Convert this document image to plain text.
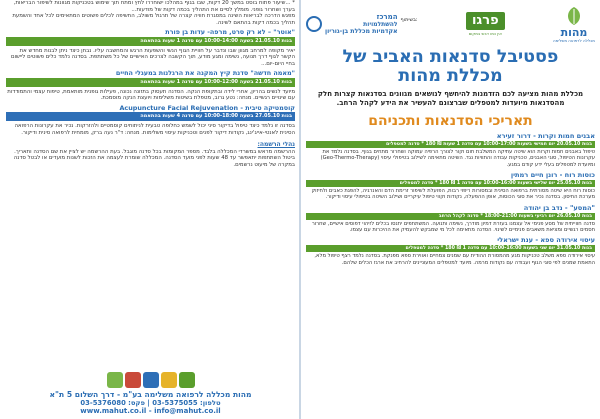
* ...שיעור פתוח בוסט במשך 20 דקות, שבו בגוף במהלכו ישוחררו לחץ ומתח תוך שימוש בטכניקות מגוונות לשיפור הבריאות, בערך ושחרור גופני. מומלץ לסיים את התהליך בכמה דקות של מודעות...
מפגש הדרכה לבריאות השינה במסגרת חוויה קצרה של תרגול משולב, החשיפה לכלים פשוטים המתאימים לכל אחד והשמעת תהליך בכמה דקות בהתאם לשינה.
"אוטר" – לא רק סרט, מרפה- עדות בן פורת
בנות 21.05.10 בשעה 10:00-14:00 עם סדנה 1 שעות בהתאמה
יאיר מקופה למרחב מגוון שבו ונדבר על חוויית הגוף הנשי והשפעות הרגש והמחשבה עליו. נבחן כיצד ניתן לבנות מחדש את הקשר לגוף דרך תנועה, נשימה ומגע מודע, תוך הקשבה לצרכים האישיים של כל משתתפת. בסדנה נלמד כלים פשוטים ליישום בחיי היום-יום...
"מאמה חדשה" סדנת קיץ המקנה את הרגלנות במעגלי החיים
בנות 21.05.10 בשעה 10:00-12:00 עם סדנה 1 שעות בהתאמה
מיועד לנשים בהריון, אחרי לידה ובתקופת הנקה. הסדנה תעסוק בתזונה נכונה, פעילות גופנית מותאמת, טיפוח עצמי והתמודדות עם שינויים רגשיים. מנחה: נטע גרוב, מטפלת בשיטות משלימות ויועצת הנקה מוסמכת.
קוסמטיקה טיבית - Acupuncture Facial Rejuvenation
בנות 27.05.10 בשעה 10:00-18:00 עם סדנה 4 שעות בהתאמה
בסדנה זו נלמד כיצד טיפול בדיקור סיני יכול לשמש כחלופה טבעית לניתוחים קוסמטיים ולהזרקות. נכיר את עקרונות הרפואה הסינית לאנטי-אייג'ינג, נקודות דיקור לפנים וטכניקות עיסוי משלימות. מנחה: ד"ר נעה ברק, מומחית לרפואה סינית ודיקור.
נהלי הרשמה:
ההרשמה מראש במשרדי המכללה בלבד. מספר המקומות בכל סדנה מוגבל. בעת ההרשמה יש לציין את שם הסדנה ותאריך. ביטול השתתפות יתאפשר עד 48 שעות לפני מועד הסדנה. המכללה שומרת לעצמה את הזכות לשנות מועדים או לבטל סדנה במקרה של מיעוט נרשמים.
מהות מכללה לרפואה משלימה בע"מ - דרך השלום 5 ת"א
טלפון: 03-5375055 | פקס: 03-5376080
www.mahut.co.il - info@mahut.co.il
המרכז
להשתלמויות
אקדמיות מכללת בן-גוריון
בשיתוף:	פרגו
אין כמו דבש במקום	מהות
מכללה לרפואה משלימה
פסטיבל סדנאות האביב של
מכללת מהות
מכללת מהות מציעה לכם הזדמנות להיחשף לנושאים מגוונים בסדנאות קצרות חלק מהסדנאות מיועדות למטפלים שברצונם להעשיר את הידע לקהל הרחב.
תאריכי הסדנאות ותכניהם
אבנים חמות וקרות - דרור זעירא
בנות 20.05.10 יום חמישי בשעות 10:00-17:00 עם סדנה 1 שעות ₪ 180 * סדנה למטפלים
טיפול באבנים חמות וקרות הוא שיטה עתיקה המשלבת חום וקור לצורך הרפיה עמוקה ושחרור מתחים בגוף. בסדנה נלמד את עקרונות הטיפול, סוגי האבנים, טכניקות עבודה והתוויות נגד. השיטה מתאימה לשילוב בטיפולי עיסוי (Geo-Thermo-Therapy) ומיועדת למטפלים בעלי ידע קודם במגע.
כוסות רוח - רונן חיים רמתין
בנות 25.05.10 יום שלישי בשעות 10:00-16:00 עם סדנה 1 ₪ 180 * סדנה למטפלים
כוסות רוח היא שיטה מסורתית ברפואה הסינית ובמסורות ריפוי רבות, הפועלת לשיפור זרימת הדם והאנרגיה, להפגת כאבים ולחיזוק מערכת החיסון. בסדנה נכיר את סוגי הכוסות, אופן ההפעלה, נקודות וקווי טיפול עיקריים ושילוב השיטה בטיפולי עיסוי ודיקור.
"המסע" - נדב בן יהודה
בנות 26.05.10 יום רביעי בשעות 18:00-21:00 * סדנה לקהל הרחב
סדנה חווייתית של מסע פנימי אל עצמנו בעזרת דמיון מודרך, נשימה ותנועה. המשתתפים יתנסו בכלים לזיהוי דפוסים אישיים, שחרור חסמים רגשיים ומציאת משאבים פנימיים לשינוי. הסדנה מתאימה לכל מי שמבקש להעמיק את ההיכרות עם עצמו.
עיסוי אירודה ספא - ענת ישראלי
בנות 31.05.10 יום שני בשעות 10:00-16:00 עם סדנה 1 ₪ 180 * סדנה למטפלים
עיסוי אירודה ספא משלב טכניקות מגע מהמסורת ההודית עם שמנים צמחיים ואווירת ספא מפנקת. בסדנה נלמד רצף טיפול מלא, התאמת שמנים לפי סוגי הגוף ועבודה עם נקודות מרמה. מיועד למטפלים המעוניינים להרחיב את ארגז הכלים שלהם.
